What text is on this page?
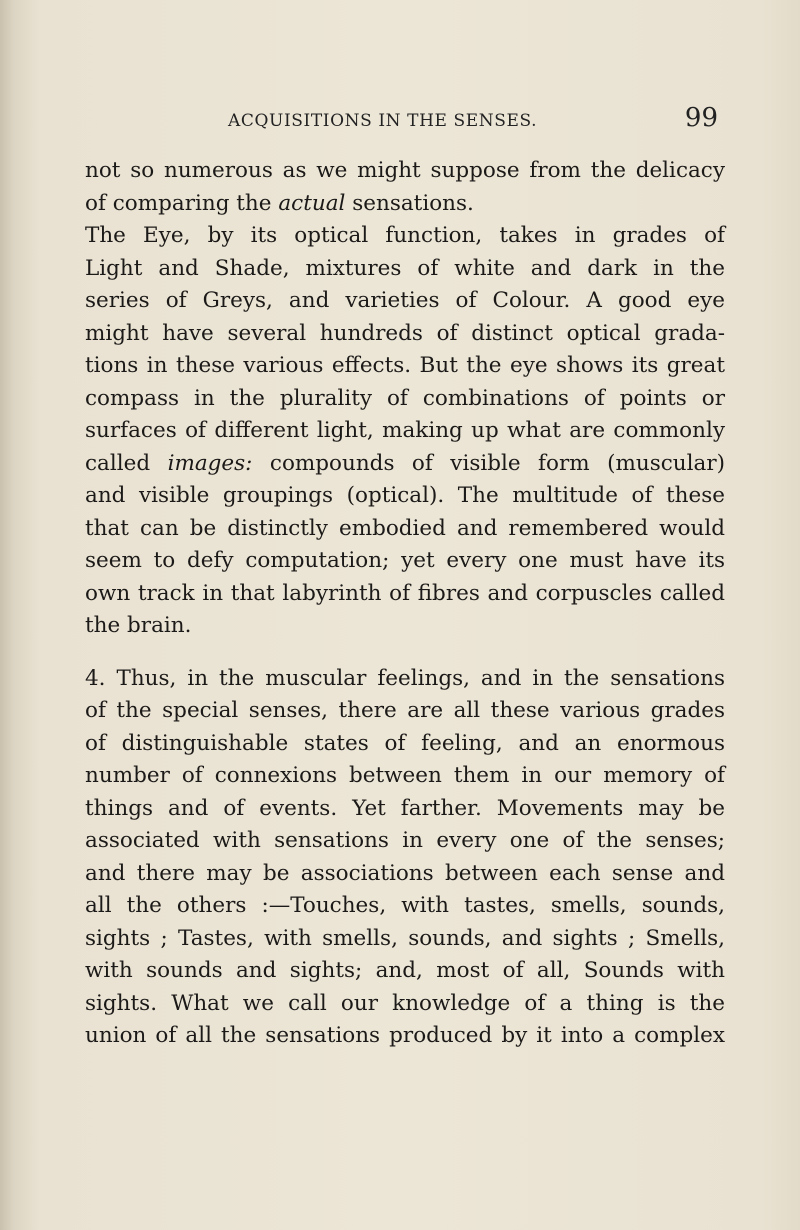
ACQUISITIONS IN THE SENSES.	99
not so numerous as we might suppose from the delicacy
of comparing the actual sensations.
The Eye, by its optical function, takes in grades of
Light and Shade, mixtures of white and dark in the
series of Greys, and varieties of Colour. A good eye
might have several hundreds of distinct optical grada-
tions in these various effects. But the eye shows its great
compass in the plurality of combinations of points or
surfaces of different light, making up what are commonly
called images: compounds of visible form (muscular)
and visible groupings (optical). The multitude of these
that can be distinctly embodied and remembered would
seem to defy computation; yet every one must have its
own track in that labyrinth of fibres and corpuscles called
the brain.
4. Thus, in the muscular feelings, and in the sensations
of the special senses, there are all these various grades
of distinguishable states of feeling, and an enormous
number of connexions between them in our memory of
things and of events. Yet farther. Movements may be
associated with sensations in every one of the senses;
and there may be associations between each sense and
all the others :—Touches, with tastes, smells, sounds,
sights ; Tastes, with smells, sounds, and sights ; Smells,
with sounds and sights; and, most of all, Sounds with
sights. What we call our knowledge of a thing is the
union of all the sensations produced by it into a complex
